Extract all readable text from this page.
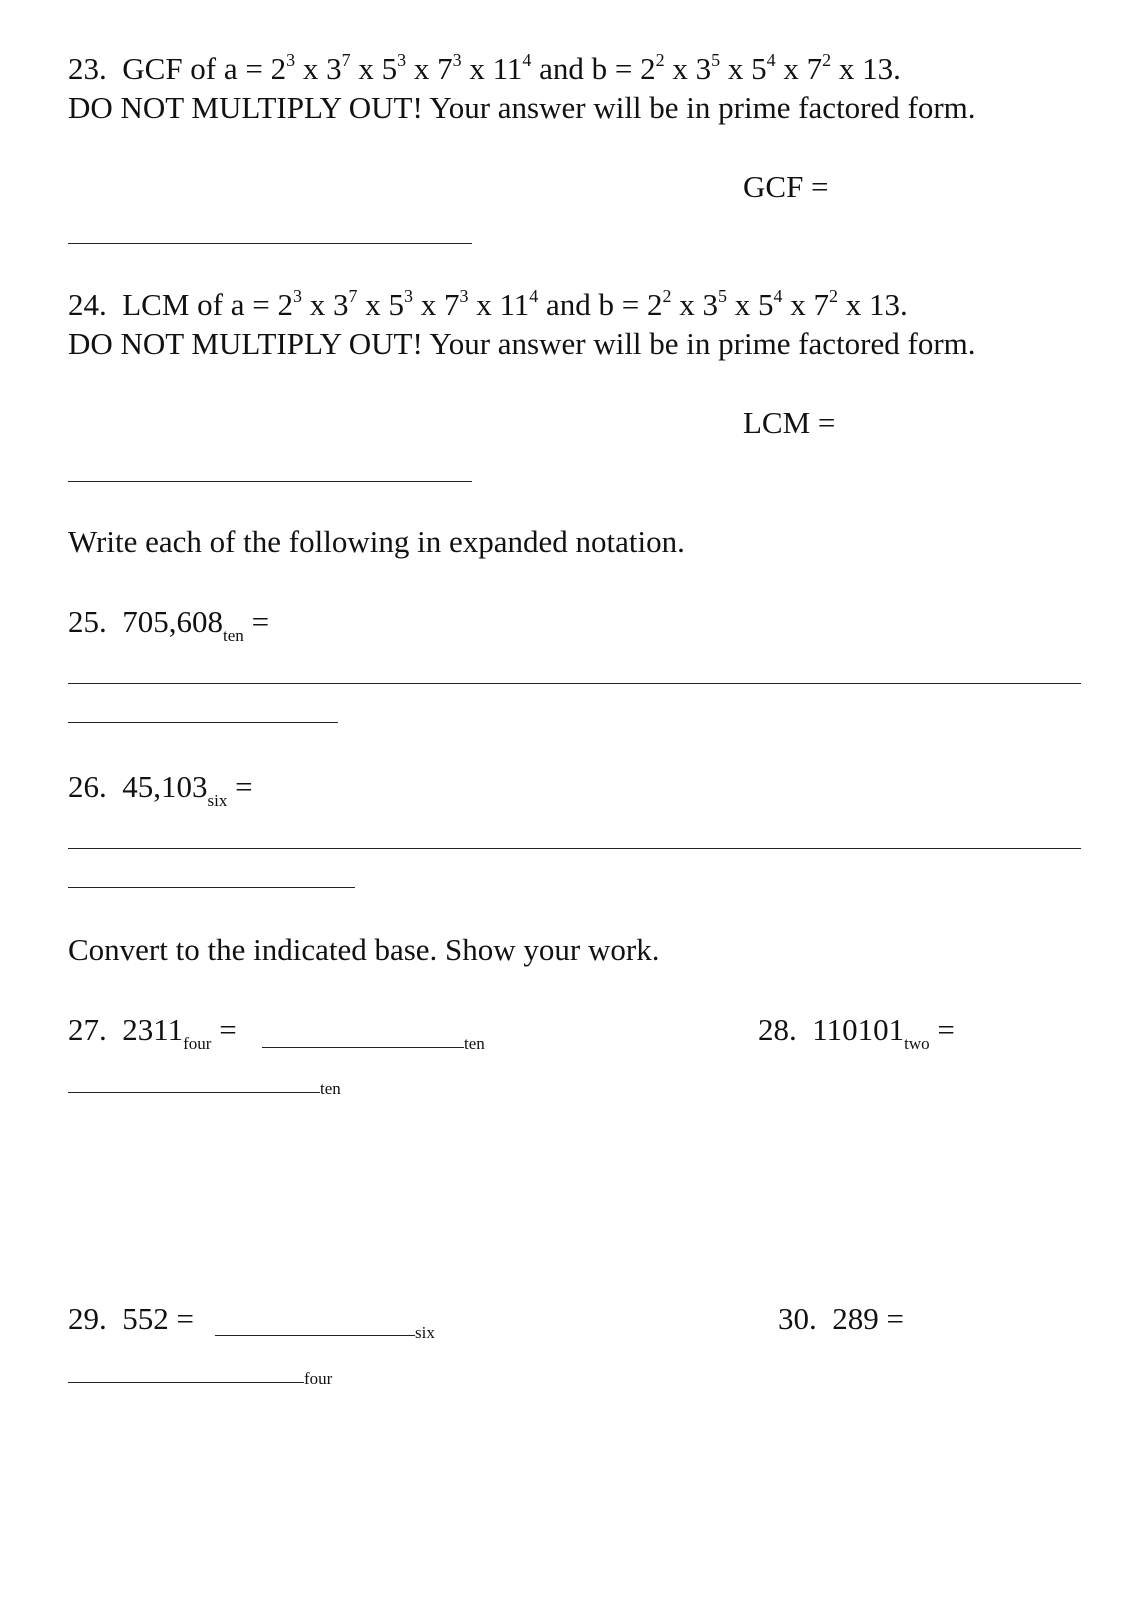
23. GCF of $a = 2^3$ x $3^7$ x $5^3$ x $7^3$ x $11^4$ and $b = 2^2$ x $3^5$ x $5^4$ x $7^2$ x 13.
DO NOT MULTIPLY OUT! Your answer will be in prime factored form.
GCF =
24. LCM of $a = 2^3$ x $3^7$ x $5^3$ x $7^3$ x $11^4$ and $b = 2^2$ x $3^5$ x $5^4$ x $7^2$ x 13.
DO NOT MULTIPLY OUT! Your answer will be in prime factored form.
LCM =
Write each of the following in expanded notation.
25. $705,608_{ten}$ =
26. $45,103_{six}$ =
Convert to the indicated base. Show your work.
27. $2311_{four}$ =	ten	28. $110101_{two}$ =
ten
29. 552 =	six	30. 289 =
four
